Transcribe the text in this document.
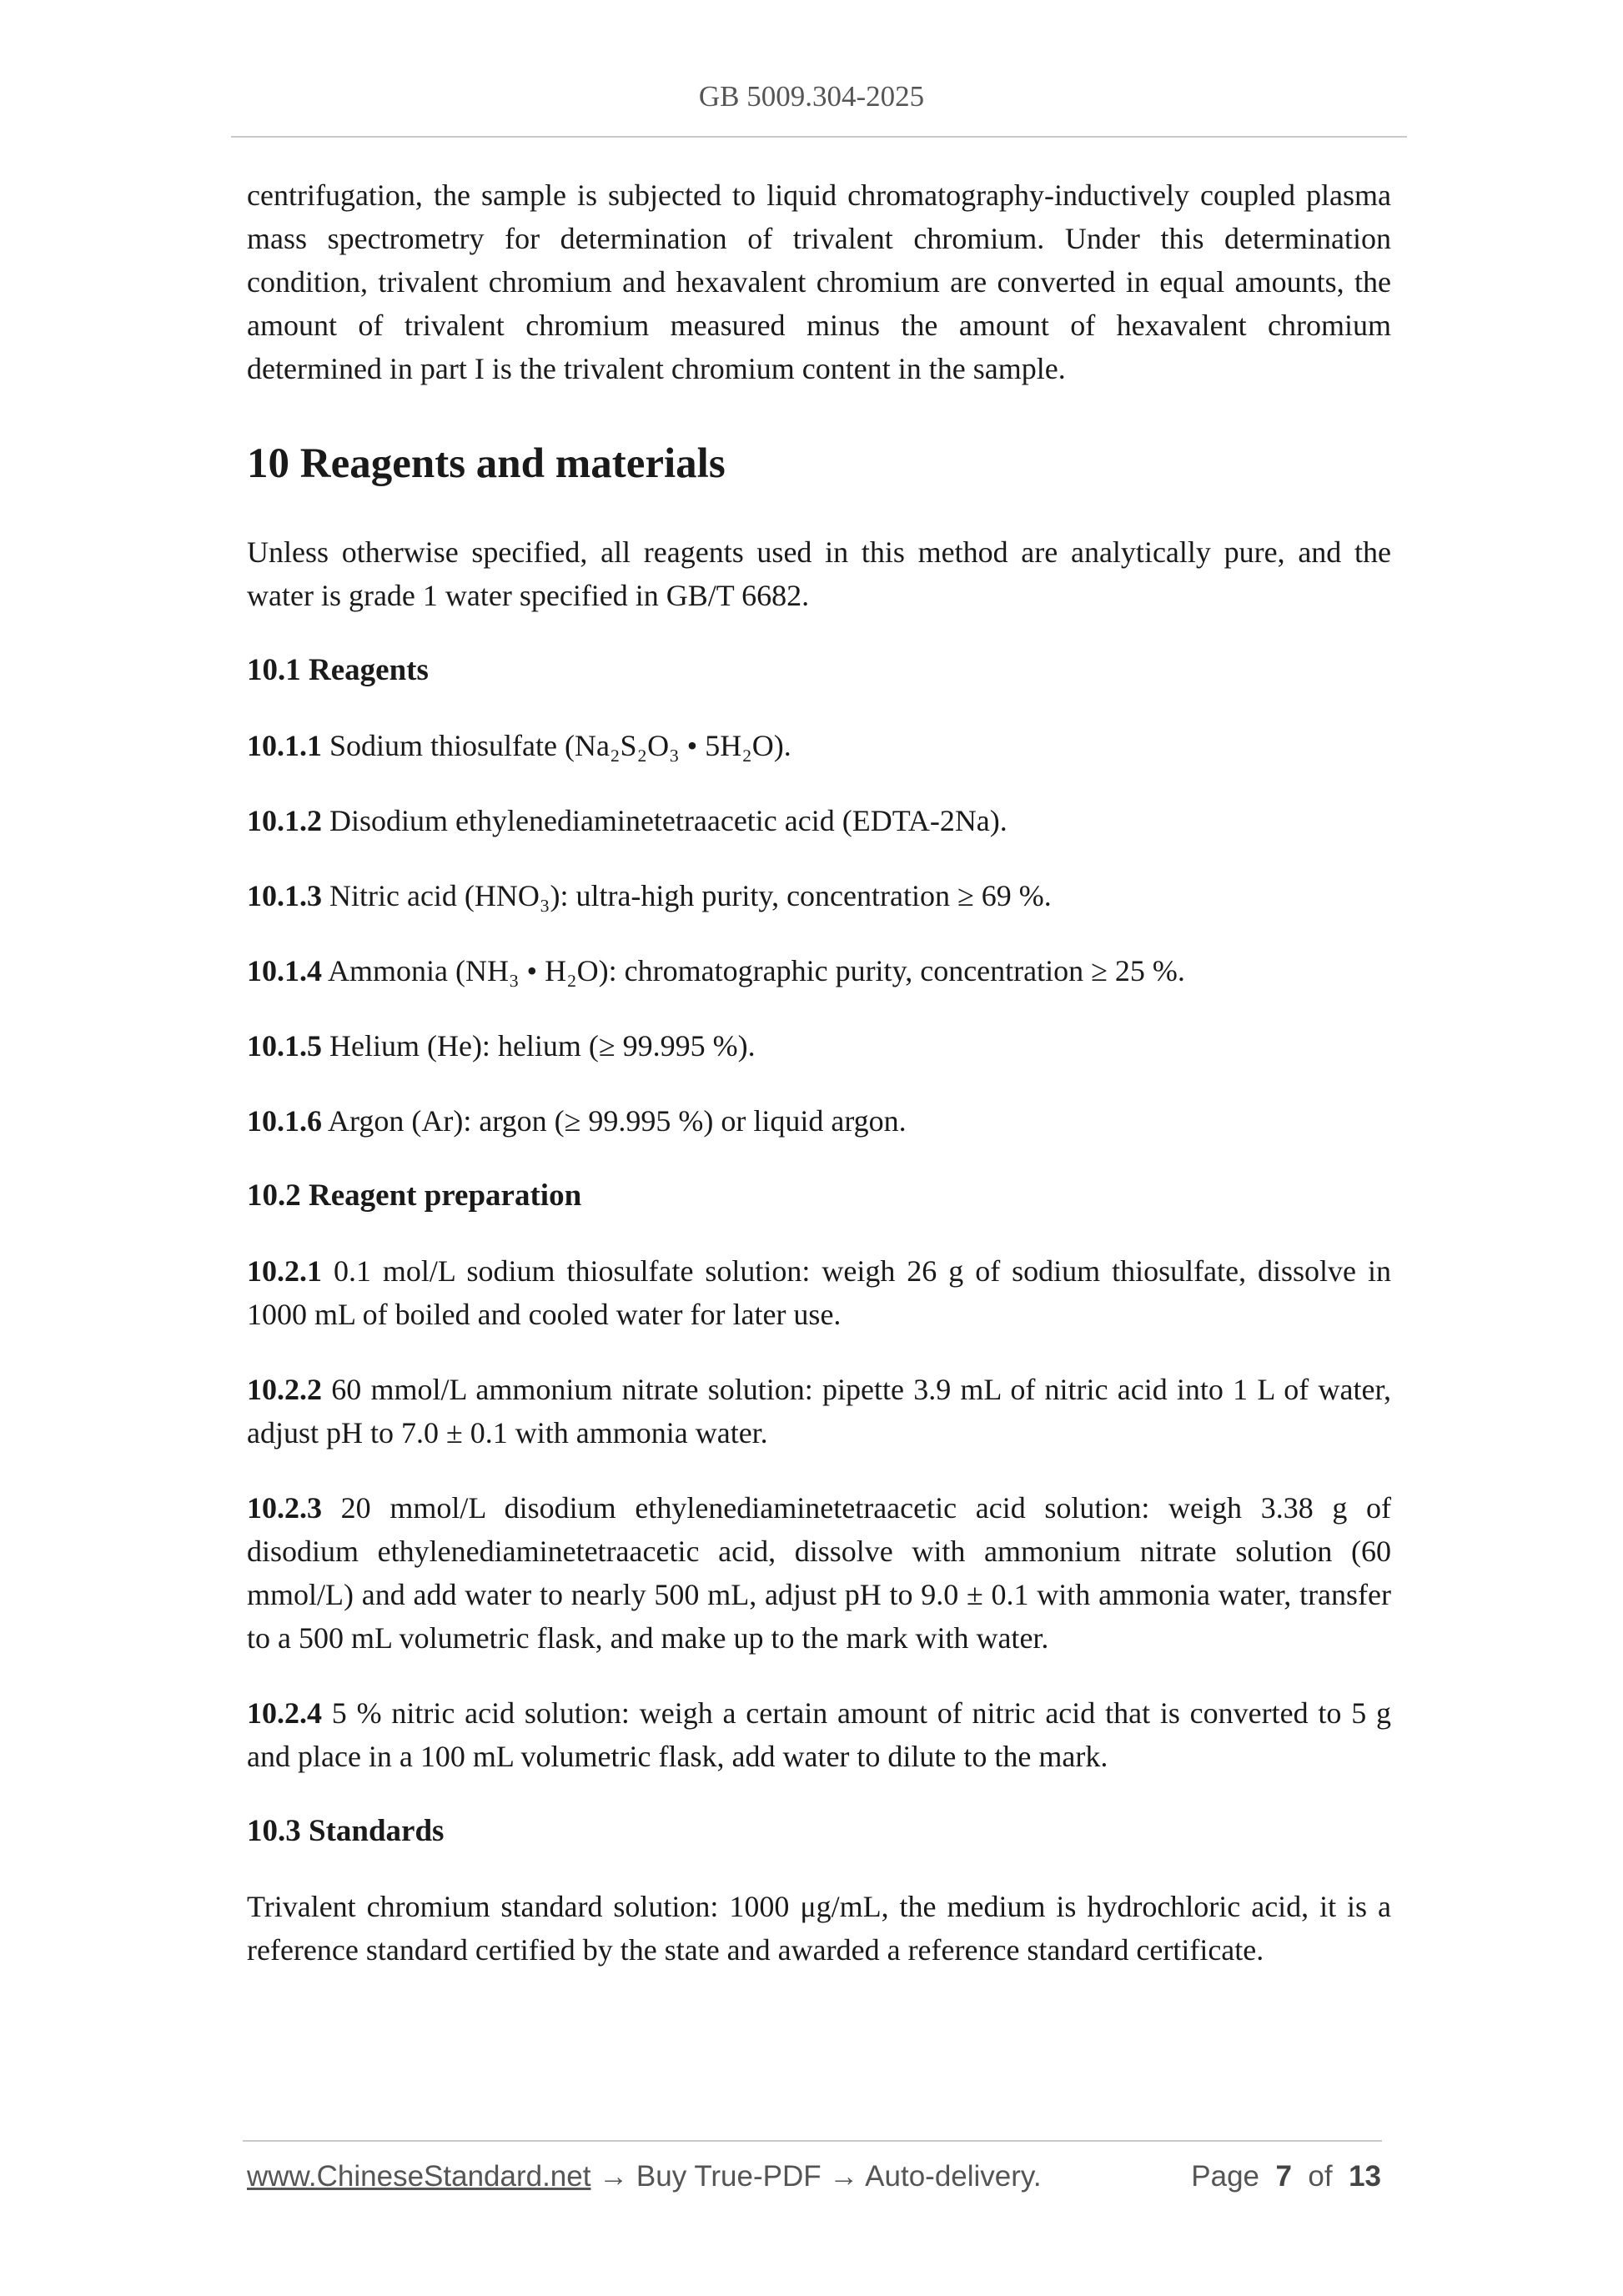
GB 5009.304-2025

centrifugation, the sample is subjected to liquid chromatography-inductively coupled plasma mass spectrometry for determination of trivalent chromium. Under this determination condition, trivalent chromium and hexavalent chromium are converted in equal amounts, the amount of trivalent chromium measured minus the amount of hexavalent chromium determined in part I is the trivalent chromium content in the sample.

10 Reagents and materials

Unless otherwise specified, all reagents used in this method are analytically pure, and the water is grade 1 water specified in GB/T 6682.

10.1 Reagents

10.1.1 Sodium thiosulfate (Na₂S₂O₃ • 5H₂O).

10.1.2 Disodium ethylenediaminetetraacetic acid (EDTA-2Na).

10.1.3 Nitric acid (HNO₃): ultra-high purity, concentration ≥ 69 %.

10.1.4 Ammonia (NH₃ • H₂O): chromatographic purity, concentration ≥ 25 %.

10.1.5 Helium (He): helium (≥ 99.995 %).

10.1.6 Argon (Ar): argon (≥ 99.995 %) or liquid argon.

10.2 Reagent preparation

10.2.1 0.1 mol/L sodium thiosulfate solution: weigh 26 g of sodium thiosulfate, dissolve in 1000 mL of boiled and cooled water for later use.

10.2.2 60 mmol/L ammonium nitrate solution: pipette 3.9 mL of nitric acid into 1 L of water, adjust pH to 7.0 ± 0.1 with ammonia water.

10.2.3 20 mmol/L disodium ethylenediaminetetraacetic acid solution: weigh 3.38 g of disodium ethylenediaminetetraacetic acid, dissolve with ammonium nitrate solution (60 mmol/L) and add water to nearly 500 mL, adjust pH to 9.0 ± 0.1 with ammonia water, transfer to a 500 mL volumetric flask, and make up to the mark with water.

10.2.4 5 % nitric acid solution: weigh a certain amount of nitric acid that is converted to 5 g and place in a 100 mL volumetric flask, add water to dilute to the mark.

10.3 Standards

Trivalent chromium standard solution: 1000 μg/mL, the medium is hydrochloric acid, it is a reference standard certified by the state and awarded a reference standard certificate.

www.ChineseStandard.net → Buy True-PDF → Auto-delivery.	Page 7 of 13
